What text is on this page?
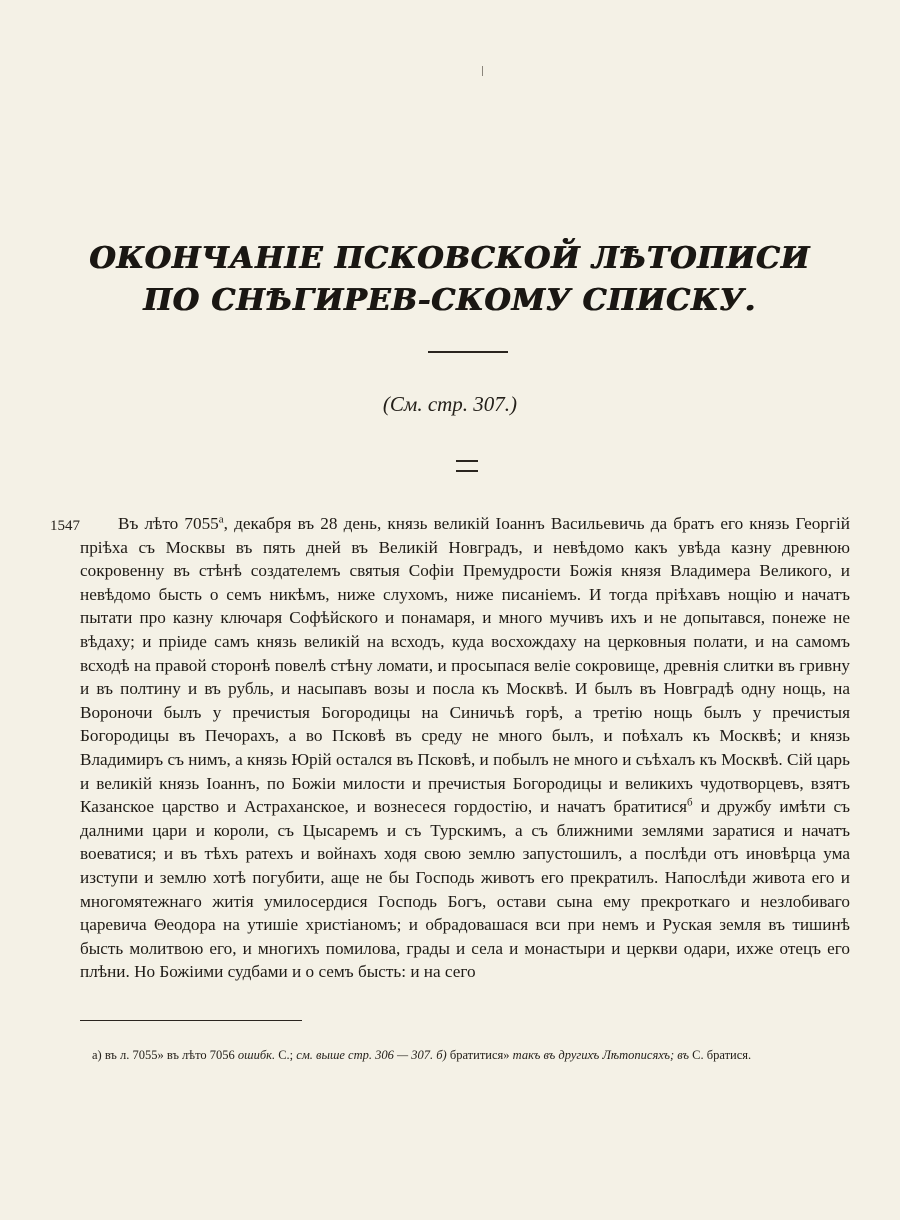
ОКОНЧАНІЕ ПСКОВСКОЙ ЛѢТОПИСИ ПО СНѢГИРЕВ-СКОМУ СПИСКУ.
(См. стр. 307.)
1547	Въ лѣто $7055^а$, декабря въ 28 день, князь великій Іоаннъ Васильевичь да братъ его князь Георгій пріѣха съ Москвы въ пять дней въ Великій Новградъ, и невѣдомо какъ увѣда казну древнюю сокровенну въ стѣнѣ создателемъ святыя Софіи Премудрости Божія князя Владимера Великого, и невѣдомо бысть о семъ никѣмъ, ниже слухомъ, ниже писаніемъ. И тогда пріѣхавъ нощію и начатъ пытати про казну ключаря Софѣйского и понамаря, и много мучивъ ихъ и не допытався, понеже не вѣдаху; и пріиде самъ князь великій на всходъ, куда восхождаху на церковныя полати, и на самомъ всходѣ на правой сторонѣ повелѣ стѣну ломати, и просыпася веліе сокровище, древнія слитки въ гривну и въ полтину и въ рубль, и насыпавъ возы и посла къ Москвѣ. И былъ въ Новградѣ одну нощь, на Вороночи былъ у пречистыя Богородицы на Синичьѣ горѣ, а третію нощь былъ у пречистыя Богородицы въ Печорахъ, а во Псковѣ въ среду не много былъ, и поѣхалъ къ Москвѣ; и князь Владимиръ съ нимъ, а князь Юрій остался въ Псковѣ, и побылъ не много и съѣхалъ къ Москвѣ. Сій царь и великій князь Іоаннъ, по Божіи милости и пречистыя Богородицы и великихъ чудотворцевъ, взятъ Казанское царство и Астраханское, и вознесеся гордостію, и начатъ братитися$^б$ и дружбу имѣти съ далними цари и короли, съ Цысаремъ и съ Турскимъ, а съ ближними землями заратися и начатъ воеватися; и въ тѣхъ ратехъ и войнахъ ходя свою землю запустошилъ, а послѣди отъ иновѣрца ума изступи и землю хотѣ погубити, аще не бы Господь животъ его прекратилъ. Напослѣди живота его и многомятежнагo житія умилосердися Господь Богъ, остави сына ему прекроткаго и незлобиваго царевича Θеодора на утишіе христіаномъ; и обрадовашася вси при немъ и Руская земля въ тишинѣ бысть молитвою его, и многихъ помилова, грады и села и монастыри и церкви одари, ихже отецъ его плѣни. Но Божіими судбами и о семъ бысть: и на сего
а) въ л. 7055» въ лѣто 7056 ошибк. С.; см. выше стр. 306 — 307. б) братитися» такъ въ другихъ Лѣтописяхъ; въ С. братися.
